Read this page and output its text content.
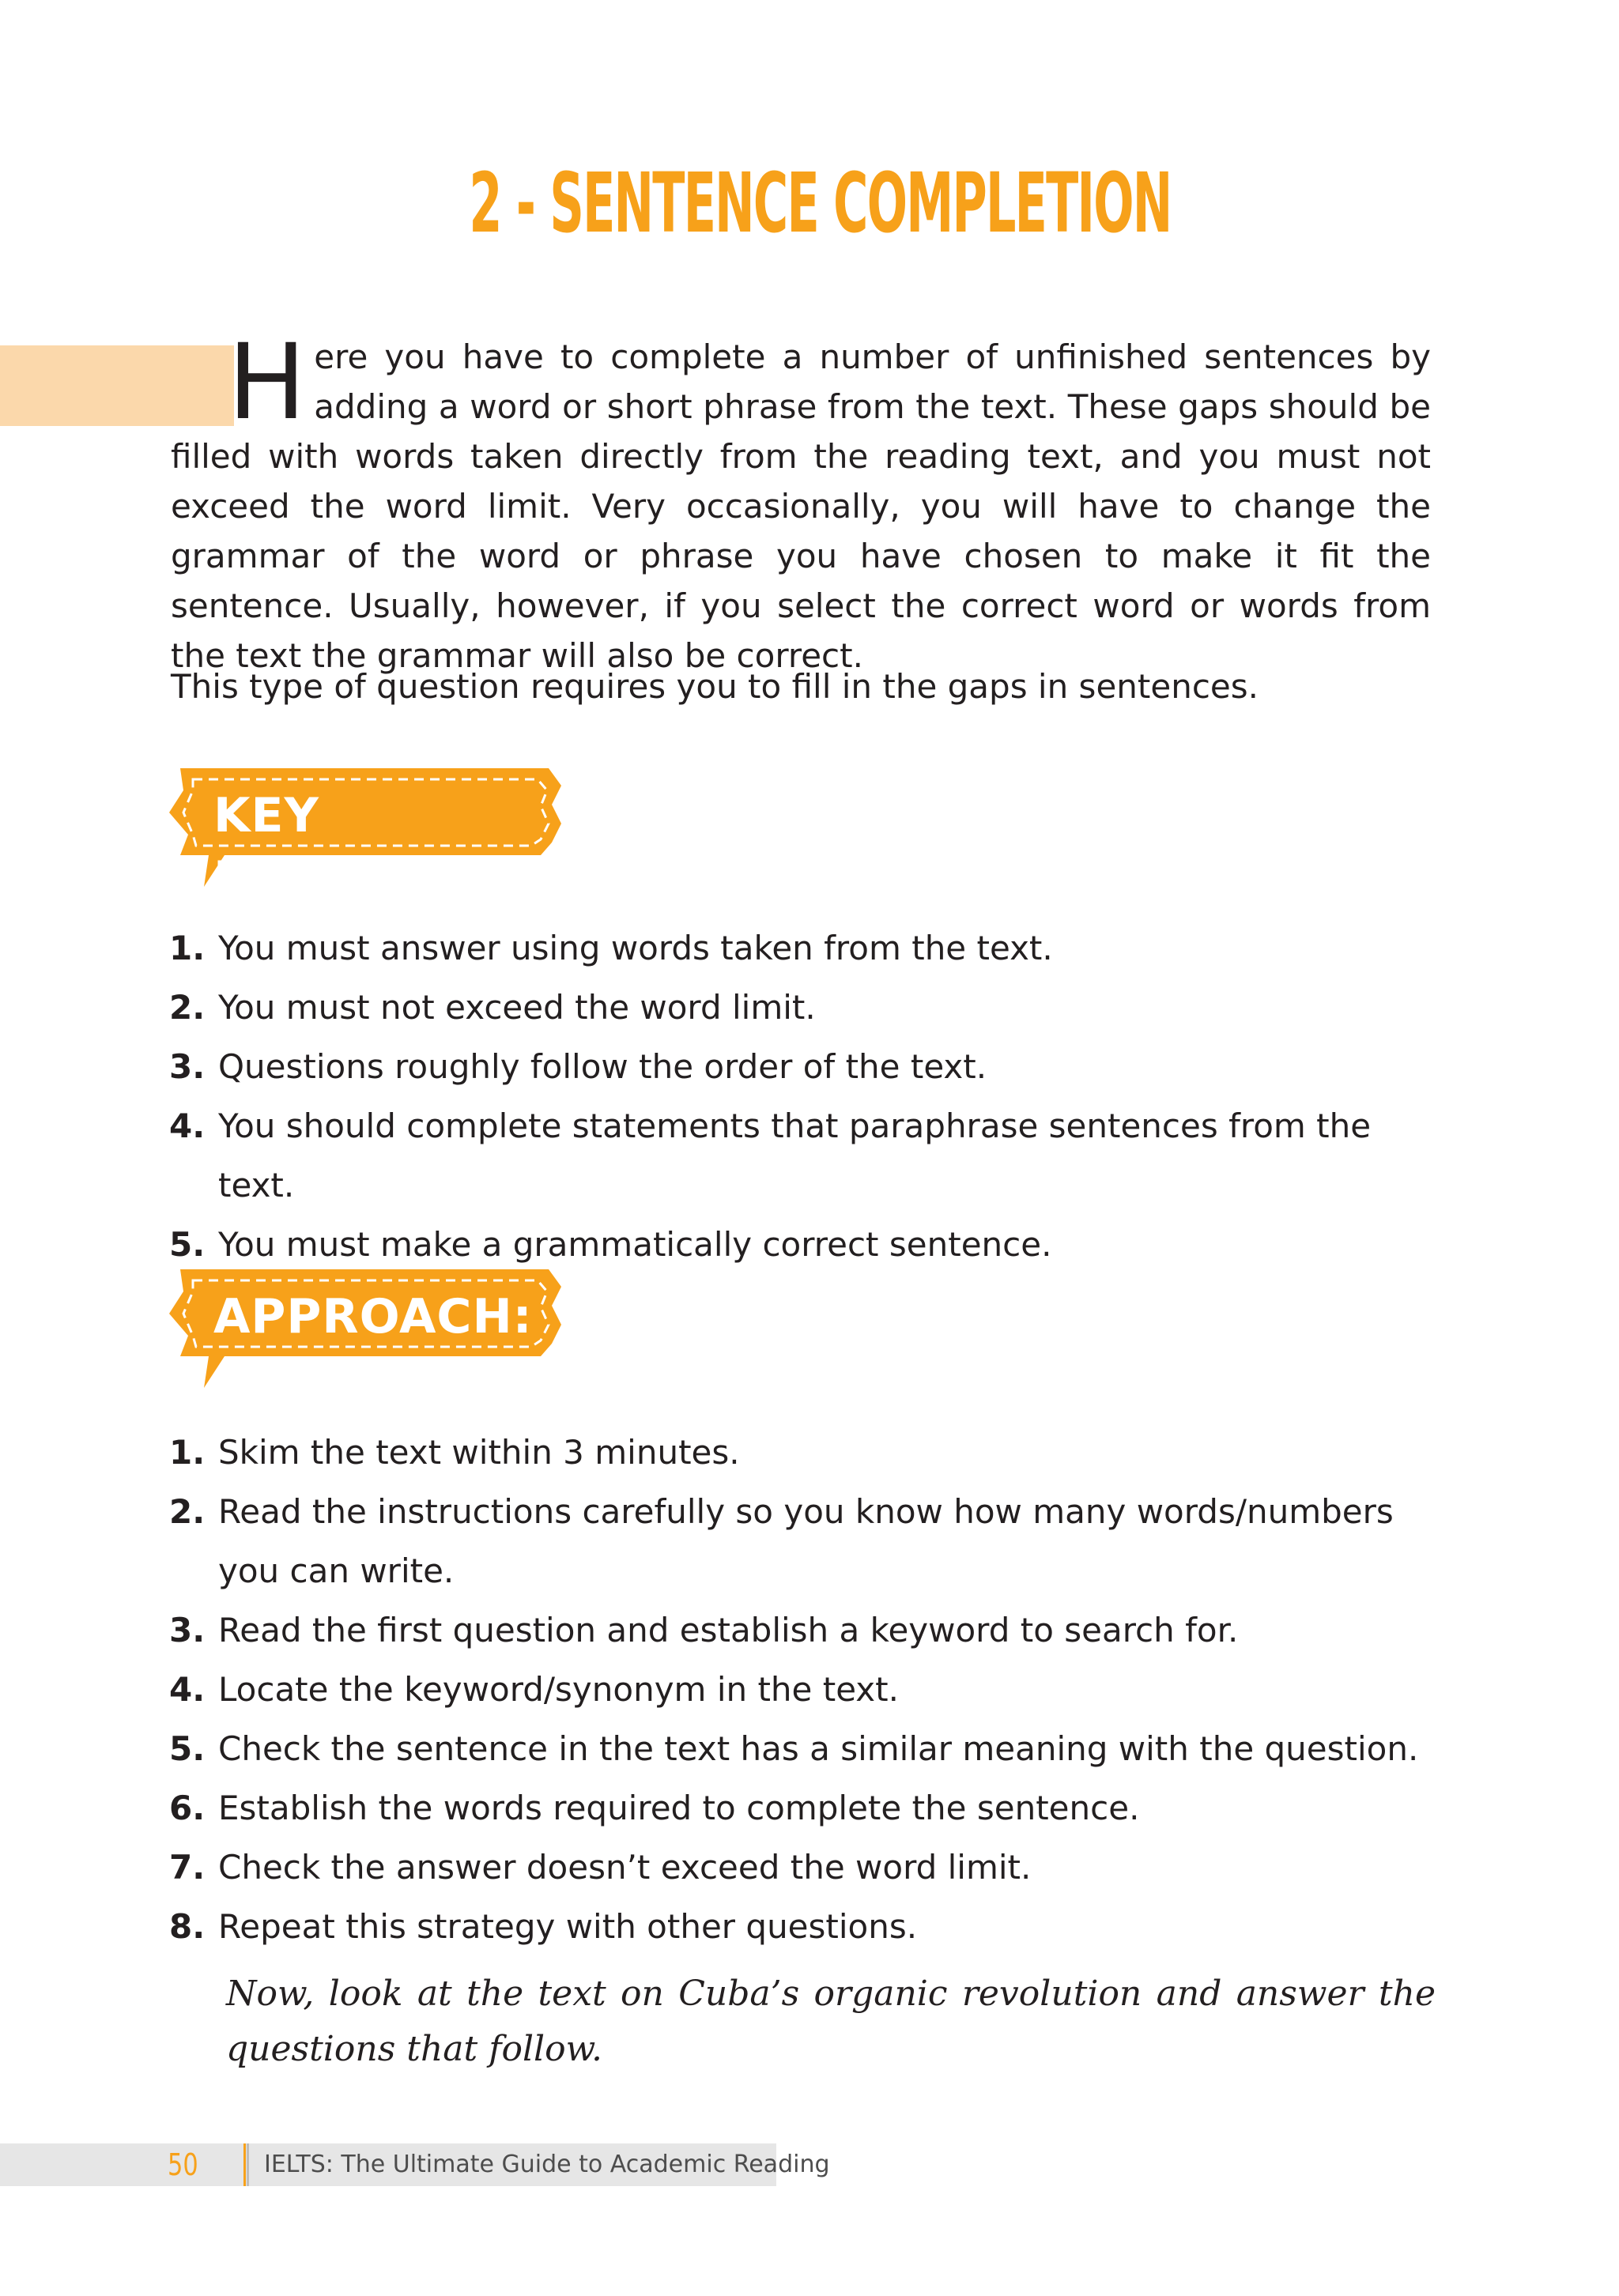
2 - SENTENCE COMPLETION

Here you have to complete a number of unfinished sentences by adding a word or short phrase from the text. These gaps should be filled with words taken directly from the reading text, and you must not exceed the word limit. Very occasionally, you will have to change the grammar of the word or phrase you have chosen to make it fit the sentence. Usually, however, if you select the correct word or words from the text the grammar will also be correct.

This type of question requires you to fill in the gaps in sentences.

KEY POINTS:
1. You must answer using words taken from the text.
2. You must not exceed the word limit.
3. Questions roughly follow the order of the text.
4. You should complete statements that paraphrase sentences from the text.
5. You must make a grammatically correct sentence.
APPROACH:
1. Skim the text within 3 minutes.
2. Read the instructions carefully so you know how many words/numbers you can write.
3. Read the first question and establish a keyword to search for.
4. Locate the keyword/synonym in the text.
5. Check the sentence in the text has a similar meaning with the question.
6. Establish the words required to complete the sentence.
7. Check the answer doesn’t exceed the word limit.
8. Repeat this strategy with other questions.

Now, look at the text on Cuba’s organic revolution and answer the questions that follow.

50	IELTS: The Ultimate Guide to Academic Reading
